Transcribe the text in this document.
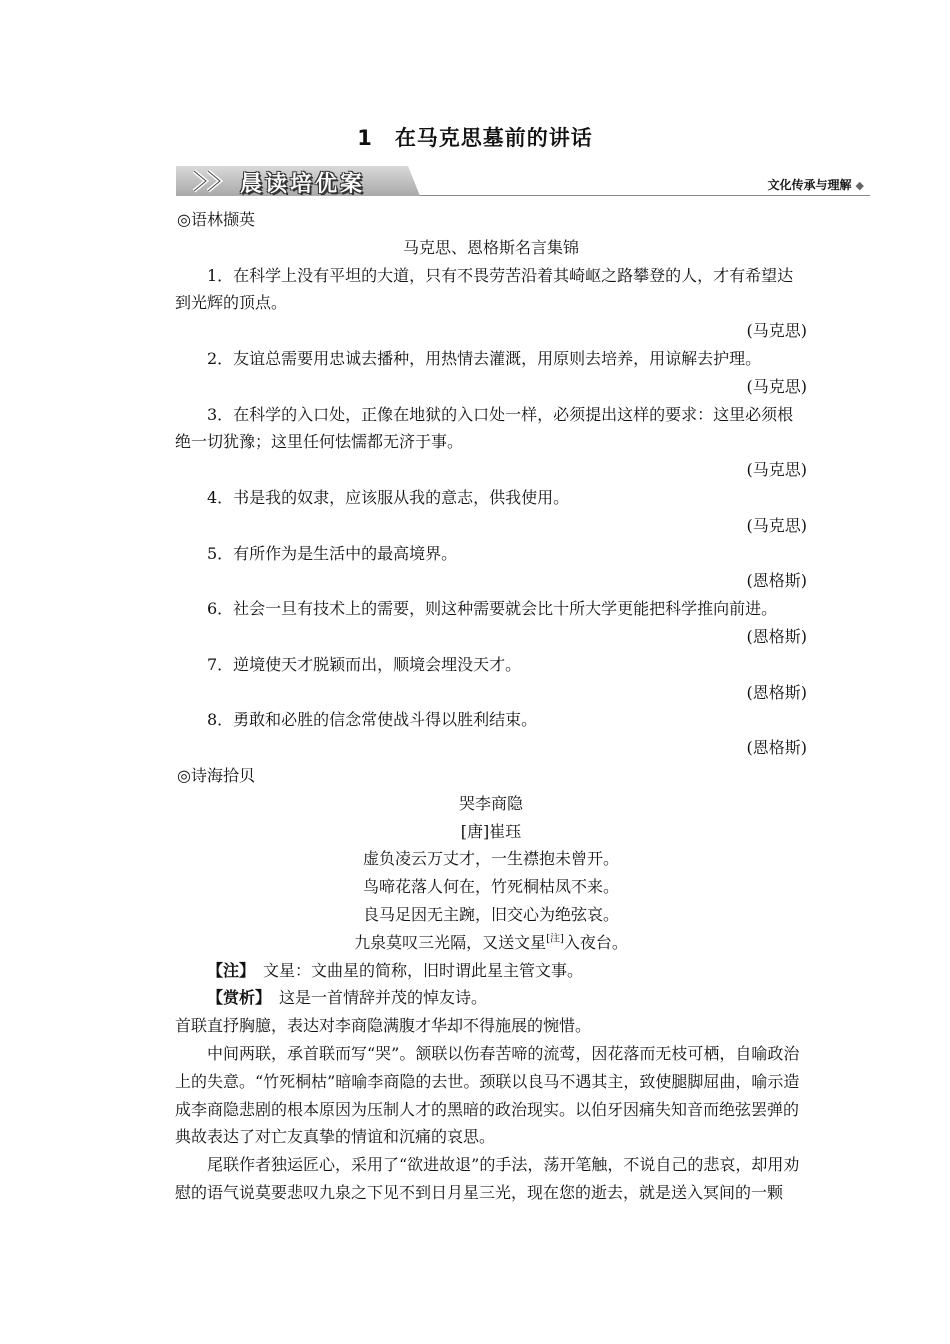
1 在马克思墓前的讲话
晨读培优案	文化传承与理解 ◆

◎语林撷英

马克思、恩格斯名言集锦

1．在科学上没有平坦的大道，只有不畏劳苦沿着其崎岖之路攀登的人，才有希望达到光辉的顶点。

(马克思)

2．友谊总需要用忠诚去播种，用热情去灌溉，用原则去培养，用谅解去护理。

(马克思)

3．在科学的入口处，正像在地狱的入口处一样，必须提出这样的要求：这里必须根绝一切犹豫；这里任何怯懦都无济于事。

(马克思)

4．书是我的奴隶，应该服从我的意志，供我使用。

(马克思)

5．有所作为是生活中的最高境界。

(恩格斯)

6．社会一旦有技术上的需要，则这种需要就会比十所大学更能把科学推向前进。

(恩格斯)

7．逆境使天才脱颖而出，顺境会埋没天才。

(恩格斯)

8．勇敢和必胜的信念常使战斗得以胜利结束。

(恩格斯)

◎诗海拾贝

哭李商隐

[唐]崔珏

虚负凌云万丈才，一生襟抱未曾开。

鸟啼花落人何在，竹死桐枯凤不来。

良马足因无主踠，旧交心为绝弦哀。

九泉莫叹三光隔，又送文星[注]入夜台。

【注】　文星：文曲星的简称，旧时谓此星主管文事。

【赏析】　这是一首情辞并茂的悼友诗。

首联直抒胸臆，表达对李商隐满腹才华却不得施展的惋惜。

中间两联，承首联而写“哭”。颔联以伤春苦啼的流莺，因花落而无枝可栖，自喻政治上的失意。“竹死桐枯”暗喻李商隐的去世。颈联以良马不遇其主，致使腿脚屈曲，喻示造成李商隐悲剧的根本原因为压制人才的黑暗的政治现实。以伯牙因痛失知音而绝弦罢弹的典故表达了对亡友真挚的情谊和沉痛的哀思。

尾联作者独运匠心，采用了“欲进故退”的手法，荡开笔触，不说自己的悲哀，却用劝慰的语气说莫要悲叹九泉之下见不到日月星三光，现在您的逝去，就是送入冥间的一颗
